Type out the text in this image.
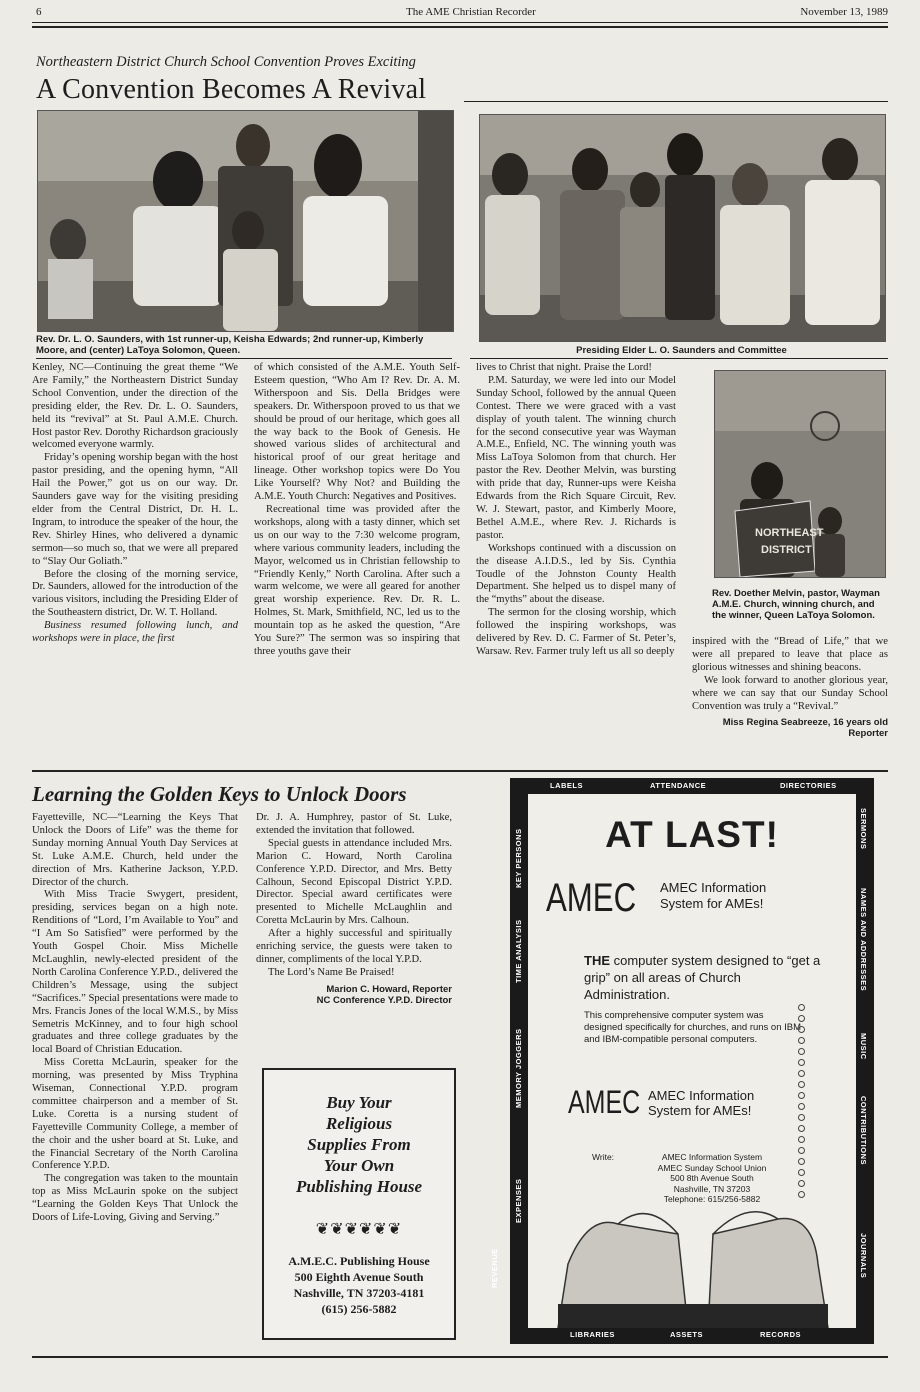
6	The AME Christian Recorder	November 13, 1989
Northeastern District Church School Convention Proves Exciting
A Convention Becomes A Revival
Rev. Dr. L. O. Saunders, with 1st runner-up, Keisha Edwards; 2nd runner-up, Kimberly Moore, and (center) LaToya Solomon, Queen.	Presiding Elder L. O. Saunders and Committee

Kenley, NC—Continuing the great theme “We Are Family,” the Northeastern District Sunday School Convention, under the direction of the presiding elder, the Rev. Dr. L. O. Saunders, held its “revival” at St. Paul A.M.E. Church. Host pastor Rev. Dorothy Richardson graciously welcomed everyone warmly.

Friday’s opening worship began with the host pastor presiding, and the opening hymn, “All Hail the Power,” got us on our way. Dr. Saunders gave way for the visiting presiding elder from the Central District, Dr. H. L. Ingram, to introduce the speaker of the hour, the Rev. Shirley Hines, who delivered a dynamic sermon—so much so, that we were all prepared to “Slay Our Goliath.”

Before the closing of the morning service, Dr. Saunders, allowed for the introduction of the various visitors, including the Presiding Elder of the Southeastern district, Dr. W. T. Holland.

Business resumed following lunch, and workshops were in place, the first

of which consisted of the A.M.E. Youth Self-Esteem question, “Who Am I? Rev. Dr. A. M. Witherspoon and Sis. Della Bridges were speakers. Dr. Witherspoon proved to us that we should be proud of our heritage, which goes all the way back to the Book of Genesis. He showed various slides of architectural and historical proof of our great heritage and lineage. Other workshop topics were Do You Like Yourself? Why Not? and Building the A.M.E. Youth Church: Negatives and Positives.

Recreational time was provided after the workshops, along with a tasty dinner, which set us on our way to the 7:30 welcome program, where various community leaders, including the Mayor, welcomed us in Christian fellowship to “Friendly Kenly,” North Carolina. After such a warm welcome, we were all geared for another great worship experience. Rev. Dr. R. L. Holmes, St. Mark, Smithfield, NC, led us to the mountain top as he asked the question, “Are You Sure?” The sermon was so inspiring that three youths gave their

lives to Christ that night. Praise the Lord!

P.M. Saturday, we were led into our Model Sunday School, followed by the annual Queen Contest. There we were graced with a vast display of youth talent. The winning church for the second consecutive year was Wayman A.M.E., Enfield, NC. The winning youth was Miss LaToya Solomon from that church. Her pastor the Rev. Deother Melvin, was bursting with pride that day, Runner-ups were Keisha Edwards from the Rich Square Circuit, Rev. W. J. Stewart, pastor, and Kimberly Moore, Bethel A.M.E., where Rev. J. Richards is pastor.

Workshops continued with a discussion on the disease A.I.D.S., led by Sis. Cynthia Toudle of the Johnston County Health Department. She helped us to dispel many of the “myths” about the disease.

The sermon for the closing worship, which followed the inspiring workshops, was delivered by Rev. D. C. Farmer of St. Peter’s, Warsaw. Rev. Farmer truly left us all so deeply

NORTHEAST
DISTRICT
Rev. Doether Melvin, pastor, Wayman A.M.E. Church, winning church, and the winner, Queen LaToya Solomon.

inspired with the “Bread of Life,” that we were all prepared to leave that place as glorious witnesses and shining beacons.

We look forward to another glorious year, where we can say that our Sunday School Convention was truly a “Revival.”

Miss Regina Seabreeze, 16 years old
Reporter
Learning the Golden Keys to Unlock Doors

Fayetteville, NC—“Learning the Keys That Unlock the Doors of Life” was the theme for Sunday morning Annual Youth Day Services at St. Luke A.M.E. Church, held under the direction of Mrs. Katherine Jackson, Y.P.D. Director of the church.

With Miss Tracie Swygert, president, presiding, services began on a high note. Renditions of “Lord, I’m Available to You” and “I Am So Satisfied” were performed by the Youth Gospel Choir. Miss Michelle McLaughlin, newly-elected president of the North Carolina Conference Y.P.D., delivered the Children’s Message, using the subject “Sacrifices.” Special presentations were made to Mrs. Francis Jones of the local W.M.S., by Miss Semetris McKinney, and to four high school graduates and three college graduates by the local Board of Christian Education.

Miss Coretta McLaurin, speaker for the morning, was presented by Miss Tryphina Wiseman, Connectional Y.P.D. program committee chairperson and a member of St. Luke. Coretta is a nursing student of Fayetteville Community College, a member of the choir and the usher board at St. Luke, and the Financial Secretary of the North Carolina Conference Y.P.D.

The congregation was taken to the mountain top as Miss McLaurin spoke on the subject “Learning the Golden Keys That Unlock the Doors of Life-Loving, Giving and Serving.”

Dr. J. A. Humphrey, pastor of St. Luke, extended the invitation that followed.

Special guests in attendance included Mrs. Marion C. Howard, North Carolina Conference Y.P.D. Director, and Mrs. Betty Calhoun, Second Episcopal District Y.P.D. Director. Special award certificates were presented to Michelle McLaughlin and Coretta McLaurin by Mrs. Calhoun.

After a highly successful and spiritually enriching service, the guests were taken to dinner, compliments of the local Y.P.D.

The Lord’s Name Be Praised!

Marion C. Howard, Reporter
NC Conference Y.P.D. Director
Buy Your
Religious
Supplies From
Your Own
Publishing House
❦❦❦❦❦❦
A.M.E.C. Publishing House
500 Eighth Avenue South
Nashville, TN 37203-4181
(615) 256-5882
LABELS	ATTENDANCE	DIRECTORIES
LIBRARIES	ASSETS	RECORDS
REVENUE
EXPENSES
MEMORY JOGGERS
TIME ANALYSIS
KEY PERSONS	SERMONS
NAMES AND ADDRESSES
MUSIC
CONTRIBUTIONS
JOURNALS
AT LAST!
AMEC AMEC Information
System for AMEs!
THE computer system designed to “get a grip” on all areas of Church Administration.
This comprehensive computer system was designed specifically for churches, and runs on IBM and IBM-compatible personal computers.
AMEC AMEC Information
System for AMEs!
Write:	AMEC Information System
AMEC Sunday School Union
500 8th Avenue South
Nashville, TN 37203
Telephone: 615/256-5882
